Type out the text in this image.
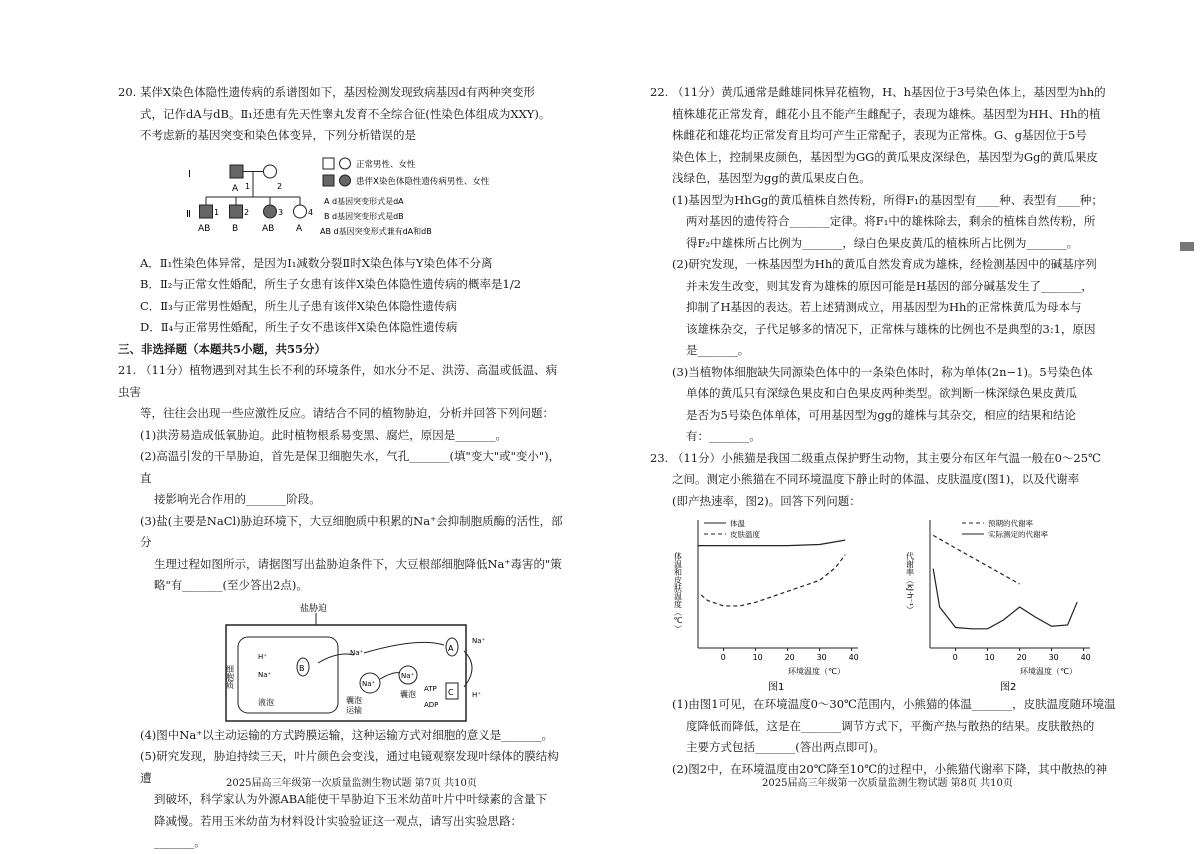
20. 某伴X染色体隐性遗传病的系谱图如下，基因检测发现致病基因d有两种突变形

式，记作dA与dB。Ⅱ₁还患有先天性睾丸发育不全综合征(性染色体组成为XXY)。

不考虑新的基因突变和染色体变异，下列分析错误的是

Ⅰ
A 1	2
Ⅱ	1	2	3	4
AB B	AB A
正常男性、女性
患伴X染色体隐性遗传病男性、女性
A d基因突变形式是dA
B d基因突变形式是dB
AB d基因突变形式兼有dA和dB

A．Ⅱ₁性染色体异常，是因为Ⅰ₁减数分裂Ⅱ时X染色体与Y染色体不分离

B．Ⅱ₂与正常女性婚配，所生子女患有该伴X染色体隐性遗传病的概率是1/2

C．Ⅱ₃与正常男性婚配，所生儿子患有该伴X染色体隐性遗传病

D．Ⅱ₄与正常男性婚配，所生子女不患该伴X染色体隐性遗传病

三、非选择题（本题共5小题，共55分）

21. （11分）植物遇到对其生长不利的环境条件，如水分不足、洪涝、高温或低温、病虫害

等，往往会出现一些应激性反应。请结合不同的植物胁迫，分析并回答下列问题：

(1)洪涝易造成低氧胁迫。此时植物根系易变黑、腐烂，原因是_______。

(2)高温引发的干旱胁迫，首先是保卫细胞失水，气孔_______(填"变大"或"变小")，直

接影响光合作用的_______阶段。

(3)盐(主要是NaCl)胁迫环境下，大豆细胞质中积累的Na⁺会抑制胞质酶的活性，部分

生理过程如图所示，请据图写出盐胁迫条件下，大豆根部细胞降低Na⁺毒害的"策

略"有_______(至少答出2点)。

盐胁迫
细胞质
液泡
H⁺
Na⁺
B
Na⁺
Na⁺
囊泡
运输
Na⁺
囊泡
A
C
ATP
ADP
Na⁺
H⁺

(4)图中Na⁺以主动运输的方式跨膜运输，这种运输方式对细胞的意义是_______。

(5)研究发现，胁迫持续三天，叶片颜色会变浅，通过电镜观察发现叶绿体的膜结构遭

到破坏，科学家认为外源ABA能使干旱胁迫下玉米幼苗叶片中叶绿素的含量下

降减慢。若用玉米幼苗为材料设计实验验证这一观点，请写出实验思路：_______。

2025届高三年级第一次质量监测生物试题 第7页 共10页

22. （11分）黄瓜通常是雌雄同株异花植物，H、h基因位于3号染色体上，基因型为hh的

植株雄花正常发育，雌花小且不能产生雌配子，表现为雄株。基因型为HH、Hh的植

株雌花和雄花均正常发育且均可产生正常配子，表现为正常株。G、g基因位于5号

染色体上，控制果皮颜色，基因型为GG的黄瓜果皮深绿色，基因型为Gg的黄瓜果皮

浅绿色，基因型为gg的黄瓜果皮白色。

(1)基因型为HhGg的黄瓜植株自然传粉，所得F₁的基因型有____种、表型有____种；

两对基因的遗传符合_______定律。将F₁中的雄株除去，剩余的植株自然传粉，所

得F₂中雄株所占比例为_______，绿白色果皮黄瓜的植株所占比例为_______。

(2)研究发现，一株基因型为Hh的黄瓜自然发育成为雄株，经检测基因中的碱基序列

并未发生改变，则其发育为雄株的原因可能是H基因的部分碱基发生了_______，

抑制了H基因的表达。若上述猜测成立，用基因型为Hh的正常株黄瓜为母本与

该雄株杂交，子代足够多的情况下，正常株与雄株的比例也不是典型的3:1，原因

是_______。

(3)当植物体细胞缺失同源染色体中的一条染色体时，称为单体(2n−1)。5号染色体

单体的黄瓜只有深绿色果皮和白色果皮两种类型。欲判断一株深绿色果皮黄瓜

是否为5号染色体单体，可用基因型为gg的雄株与其杂交，相应的结果和结论

有：_______。

23. （11分）小熊猫是我国二级重点保护野生动物，其主要分布区年气温一般在0～25℃

之间。测定小熊猫在不同环境温度下静止时的体温、皮肤温度(图1)，以及代谢率

(即产热速率，图2)。回答下列问题：

0	10	20	30	40
环境温度（℃）
体温和皮肤温度（℃）
图1
体温
皮肤温度
0	10	20	30	40
环境温度（℃）
代谢率（kJ·h⁻¹）
图2
预期的代谢率
实际测定的代谢率

(1)由图1可见，在环境温度0～30℃范围内，小熊猫的体温_______，皮肤温度随环境温

度降低而降低，这是在_______调节方式下，平衡产热与散热的结果。皮肤散热的

主要方式包括_______(答出两点即可)。

(2)图2中，在环境温度由20℃降至10℃的过程中，小熊猫代谢率下降，其中散热的神

2025届高三年级第一次质量监测生物试题 第8页 共10页
